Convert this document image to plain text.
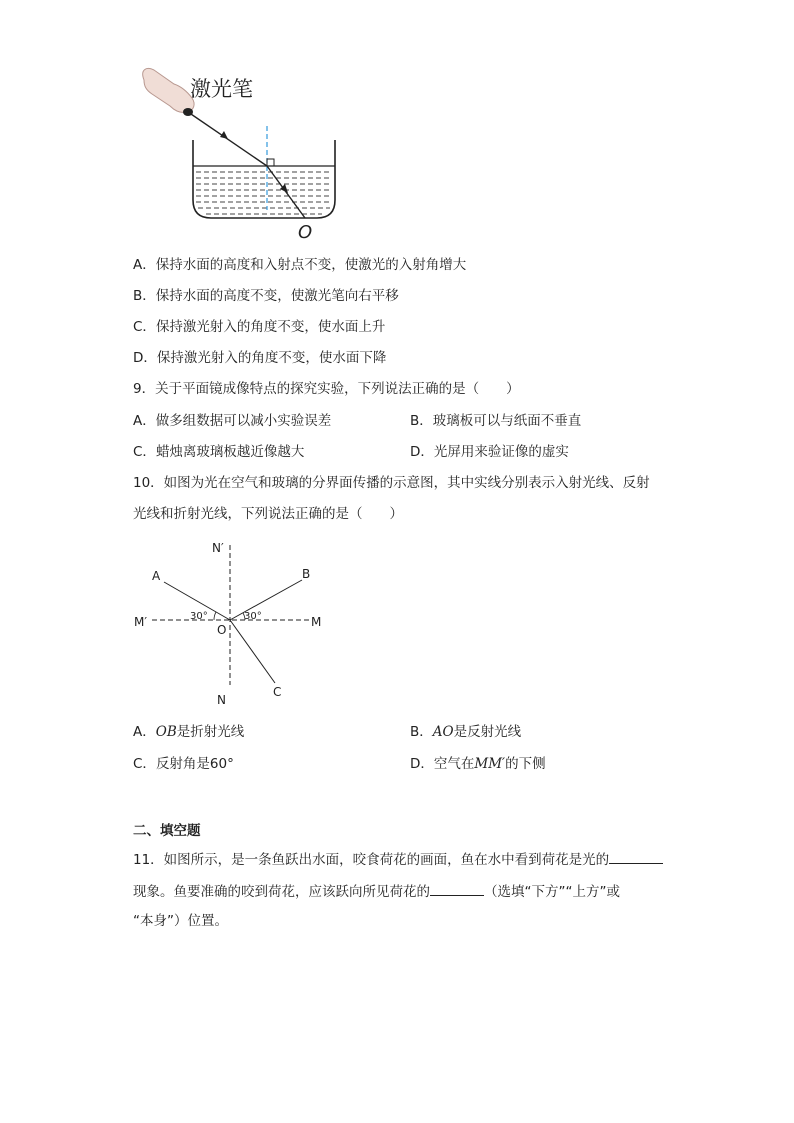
激光笔
O
A．保持水面的高度和入射点不变，使激光的入射角增大
B．保持水面的高度不变，使激光笔向右平移
C．保持激光射入的角度不变，使水面上升
D．保持激光射入的角度不变，使水面下降
9．关于平面镜成像特点的探究实验，下列说法正确的是（　　）
A．做多组数据可以减小实验误差	B．玻璃板可以与纸面不垂直
C．蜡烛离玻璃板越近像越大	D．光屏用来验证像的虚实
10．如图为光在空气和玻璃的分界面传播的示意图，其中实线分别表示入射光线、反射
光线和折射光线，下列说法正确的是（　　）
N′
N
M′	M
O
A	B
C
30°	30°
A．OB是折射光线	B．AO是反射光线
C．反射角是60°	D．空气在MM′的下侧
二、填空题
11．如图所示，是一条鱼跃出水面，咬食荷花的画面，鱼在水中看到荷花是光的
现象。鱼要准确的咬到荷花，应该跃向所见荷花的	（选填“下方”“上方”或
“本身”）位置。
